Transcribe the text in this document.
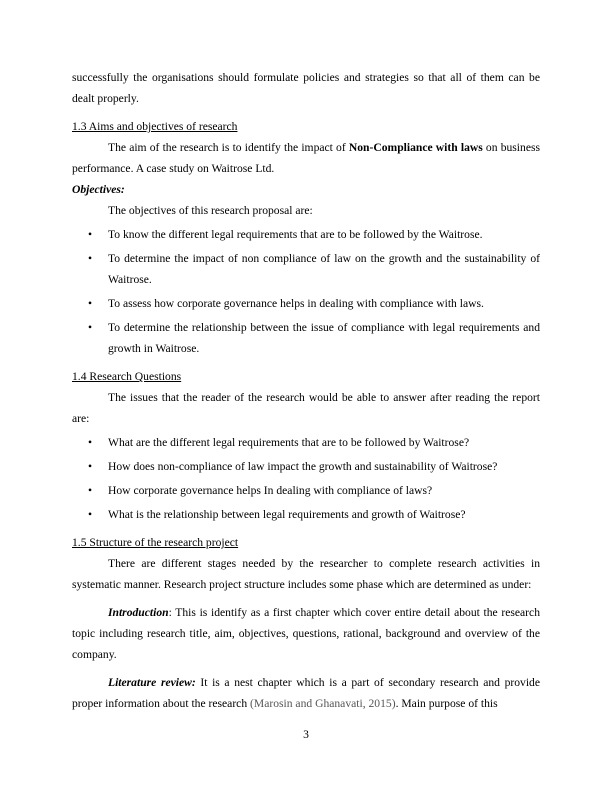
successfully the organisations should formulate policies and strategies so that all of them can be dealt properly.

1.3 Aims and objectives of research

The aim of the research is to identify the impact of Non-Compliance with laws on business performance. A case study on Waitrose Ltd.

Objectives:

The objectives of this research proposal are:

• To know the different legal requirements that are to be followed by the Waitrose.
• To determine the impact of non compliance of law on the growth and the sustainability of Waitrose.
• To assess how corporate governance helps in dealing with compliance with laws.
• To determine the relationship between the issue of compliance with legal requirements and growth in Waitrose.

1.4 Research Questions

The issues that the reader of the research would be able to answer after reading the report are:

• What are the different legal requirements that are to be followed by Waitrose?
• How does non-compliance of law impact the growth and sustainability of Waitrose?
• How corporate governance helps In dealing with compliance of laws?
• What is the relationship between legal requirements and growth of Waitrose?

1.5 Structure of the research project

There are different stages needed by the researcher to complete research activities in systematic manner. Research project structure includes some phase which are determined as under:

Introduction: This is identify as a first chapter which cover entire detail about the research topic including research title, aim, objectives, questions, rational, background and overview of the company.

Literature review: It is a nest chapter which is a part of secondary research and provide proper information about the research (Marosin and Ghanavati, 2015). Main purpose of this

3
